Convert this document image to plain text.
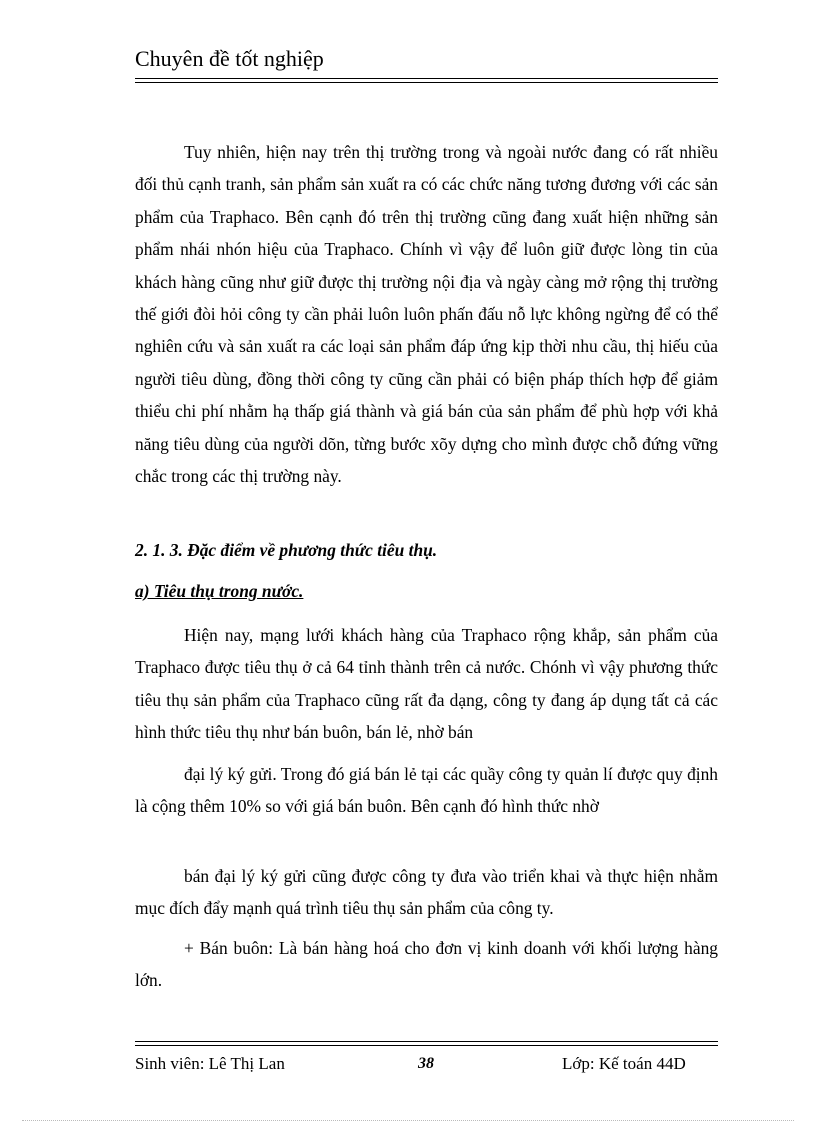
Chuyên đề tốt nghiệp

Tuy nhiên, hiện nay trên thị trường trong và ngoài nước đang có rất nhiều đối thủ cạnh tranh, sản phẩm sản xuất ra có các chức năng tương đương với các sản phẩm của Traphaco. Bên cạnh đó trên thị trường cũng đang xuất hiện những sản phẩm nhái nhón hiệu của Traphaco. Chính vì vậy để luôn giữ được lòng tin của khách hàng cũng như giữ được thị trường nội địa và ngày càng mở rộng thị trường thế giới đòi hỏi công ty cần phải luôn luôn phấn đấu nỗ lực không ngừng để có thể nghiên cứu và sản xuất ra các loại sản phẩm đáp ứng kịp thời nhu cầu, thị hiếu của người tiêu dùng, đồng thời công ty cũng cần phải có biện pháp thích hợp để giảm thiểu chi phí nhằm hạ thấp giá thành và giá bán của sản phẩm để phù hợp với khả năng tiêu dùng của người dõn, từng bước xõy dựng cho mình được chỗ đứng vững chắc trong các thị trường này.

2. 1. 3. Đặc điểm về phương thức tiêu thụ.
a) Tiêu thụ trong nước.

Hiện nay, mạng lưới khách hàng của Traphaco rộng khắp, sản phẩm của Traphaco được tiêu thụ ở cả 64 tỉnh thành trên cả nước. Chónh vì vậy phương thức tiêu thụ sản phẩm của Traphaco cũng rất đa dạng, công ty đang áp dụng tất cả các hình thức tiêu thụ như bán buôn, bán lẻ, nhờ bán

đại lý ký gửi. Trong đó giá bán lẻ tại các quầy công ty quản lí được quy định là cộng thêm 10% so với giá bán buôn. Bên cạnh đó hình thức nhờ

bán đại lý ký gửi cũng được công ty đưa vào triển khai và thực hiện nhằm mục đích đẩy mạnh quá trình tiêu thụ sản phẩm của công ty.

+ Bán buôn: Là bán hàng hoá cho đơn vị kinh doanh với khối lượng hàng lớn.

Sinh viên: Lê Thị Lan	38	Lớp: Kế toán 44D
